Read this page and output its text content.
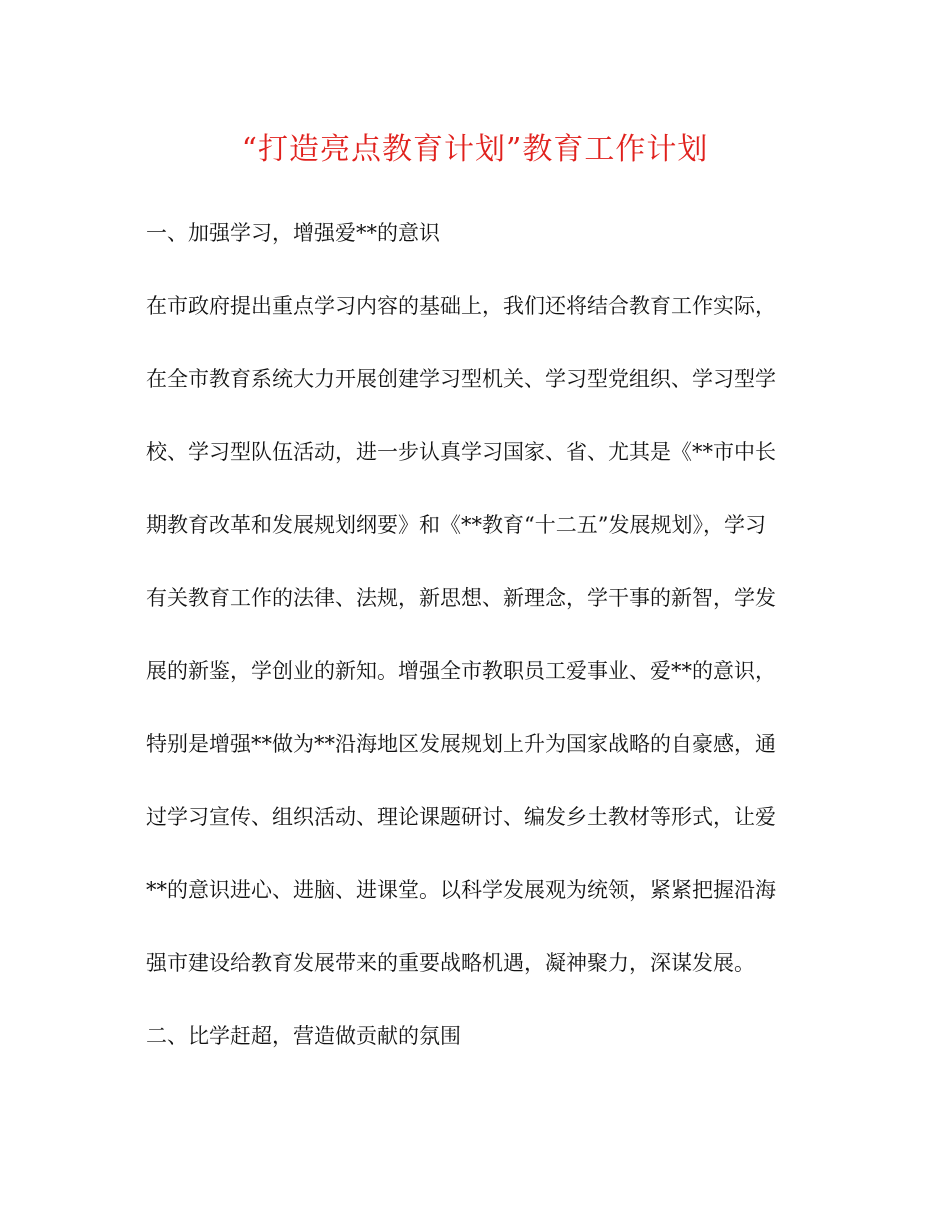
“打造亮点教育计划”教育工作计划
一、加强学习，增强爱**的意识
在市政府提出重点学习内容的基础上，我们还将结合教育工作实际，
在全市教育系统大力开展创建学习型机关、学习型党组织、学习型学
校、学习型队伍活动，进一步认真学习国家、省、尤其是《**市中长
期教育改革和发展规划纲要》和《**教育“十二五”发展规划》，学习
有关教育工作的法律、法规，新思想、新理念，学干事的新智，学发
展的新鉴，学创业的新知。增强全市教职员工爱事业、爱**的意识，
特别是增强**做为**沿海地区发展规划上升为国家战略的自豪感，通
过学习宣传、组织活动、理论课题研讨、编发乡土教材等形式，让爱
**的意识进心、进脑、进课堂。以科学发展观为统领，紧紧把握沿海
强市建设给教育发展带来的重要战略机遇，凝神聚力，深谋发展。
二、比学赶超，营造做贡献的氛围
